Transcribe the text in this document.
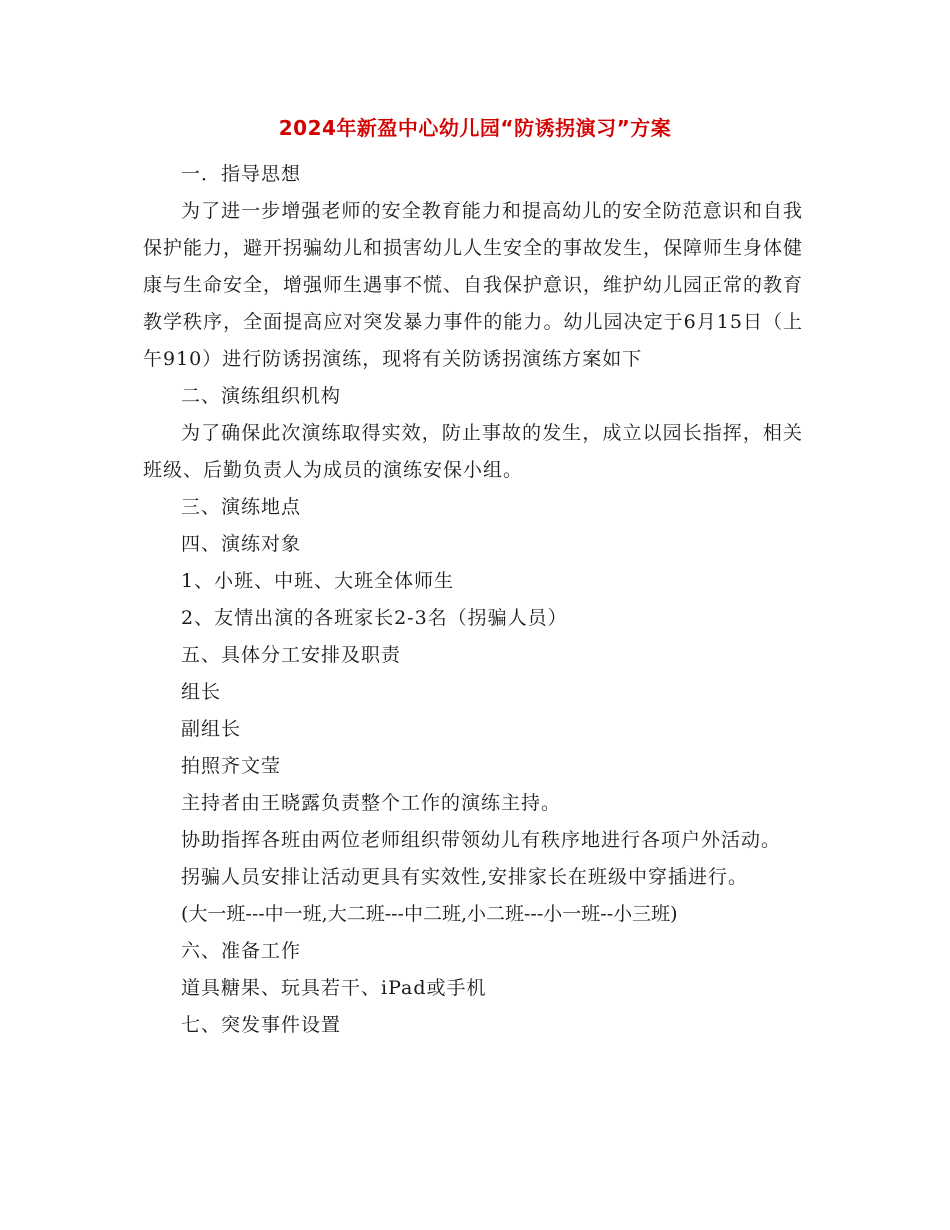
2024年新盈中心幼儿园“防诱拐演习”方案

一．指导思想

为了进一步增强老师的安全教育能力和提高幼儿的安全防范意识和自我保护能力，避开拐骗幼儿和损害幼儿人生安全的事故发生，保障师生身体健康与生命安全，增强师生遇事不慌、自我保护意识，维护幼儿园正常的教育教学秩序，全面提高应对突发暴力事件的能力。幼儿园决定于6月15日（上午910）进行防诱拐演练，现将有关防诱拐演练方案如下

二、演练组织机构

为了确保此次演练取得实效，防止事故的发生，成立以园长指挥，相关班级、后勤负责人为成员的演练安保小组。

三、演练地点

四、演练对象

1、小班、中班、大班全体师生

2、友情出演的各班家长2-3名（拐骗人员）

五、具体分工安排及职责

组长

副组长

拍照齐文莹

主持者由王晓露负责整个工作的演练主持。

协助指挥各班由两位老师组织带领幼儿有秩序地进行各项户外活动。

拐骗人员安排让活动更具有实效性,安排家长在班级中穿插进行。

(大一班---中一班,大二班---中二班,小二班---小一班--小三班)

六、准备工作

道具糖果、玩具若干、iPad或手机

七、突发事件设置
